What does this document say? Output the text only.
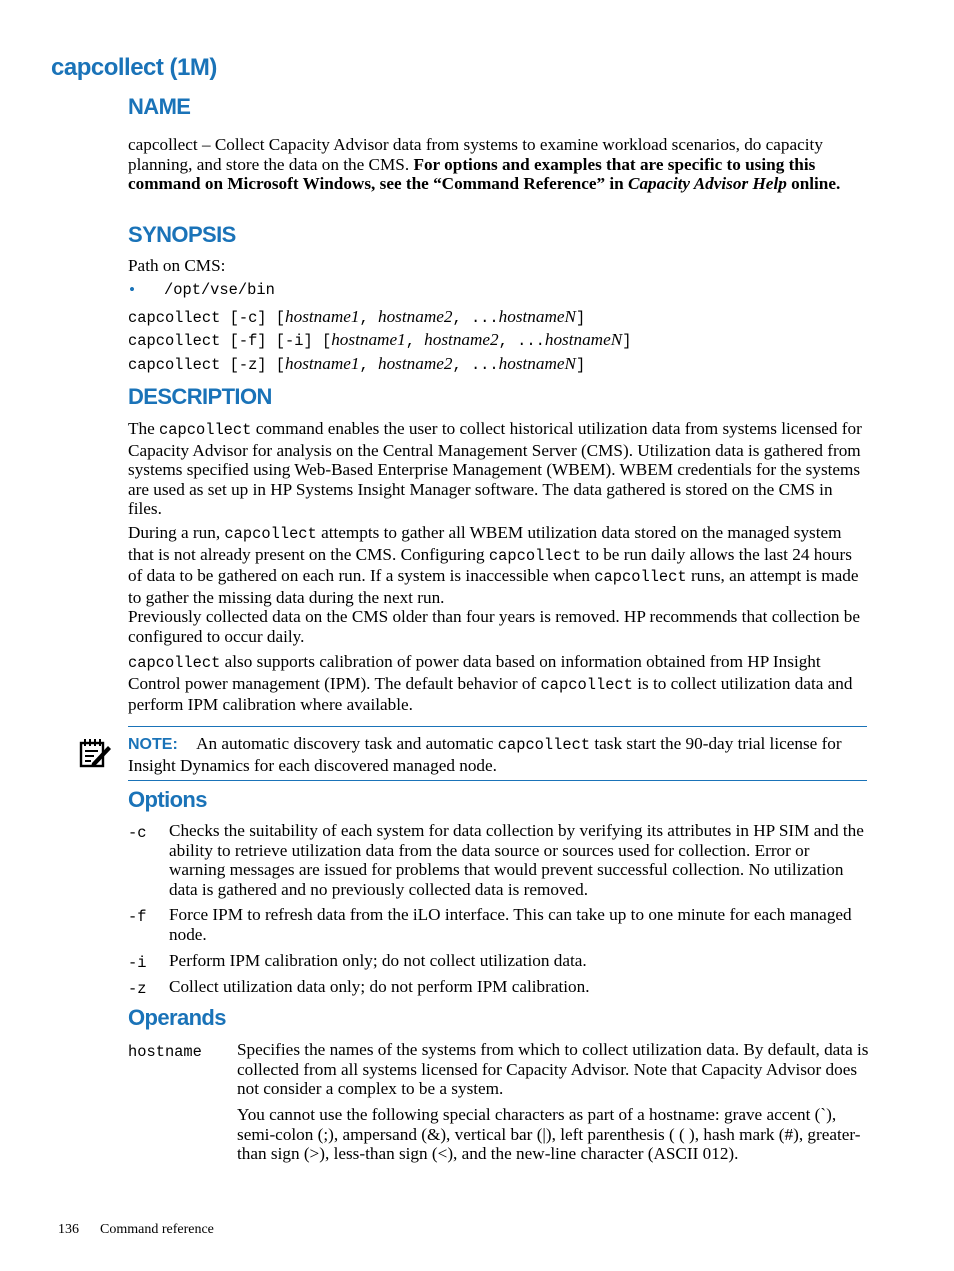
capcollect (1M)
NAME
capcollect – Collect Capacity Advisor data from systems to examine workload scenarios, do capacity planning, and store the data on the CMS. For options and examples that are specific to using this command on Microsoft Windows, see the “Command Reference” in Capacity Advisor Help online.
SYNOPSIS
Path on CMS:
• /opt/vse/bin
capcollect [-c] [hostname1, hostname2, ...hostnameN]
capcollect [-f] [-i] [hostname1, hostname2, ...hostnameN]
capcollect [-z] [hostname1, hostname2, ...hostnameN]
DESCRIPTION
The capcollect command enables the user to collect historical utilization data from systems licensed for Capacity Advisor for analysis on the Central Management Server (CMS). Utilization data is gathered from systems specified using Web-Based Enterprise Management (WBEM). WBEM credentials for the systems are used as set up in HP Systems Insight Manager software. The data gathered is stored on the CMS in files.
During a run, capcollect attempts to gather all WBEM utilization data stored on the managed system that is not already present on the CMS. Configuring capcollect to be run daily allows the last 24 hours of data to be gathered on each run. If a system is inaccessible when capcollect runs, an attempt is made to gather the missing data during the next run.
Previously collected data on the CMS older than four years is removed. HP recommends that collection be configured to occur daily.
capcollect also supports calibration of power data based on information obtained from HP Insight Control power management (IPM). The default behavior of capcollect is to collect utilization data and perform IPM calibration where available.
NOTE: An automatic discovery task and automatic capcollect task start the 90-day trial license for Insight Dynamics for each discovered managed node.
Options
-c Checks the suitability of each system for data collection by verifying its attributes in HP SIM and the ability to retrieve utilization data from the data source or sources used for collection. Error or warning messages are issued for problems that would prevent successful collection. No utilization data is gathered and no previously collected data is removed.
-f Force IPM to refresh data from the iLO interface. This can take up to one minute for each managed node.
-i Perform IPM calibration only; do not collect utilization data.
-z Collect utilization data only; do not perform IPM calibration.
Operands
hostname Specifies the names of the systems from which to collect utilization data. By default, data is collected from all systems licensed for Capacity Advisor. Note that Capacity Advisor does not consider a complex to be a system.
You cannot use the following special characters as part of a hostname: grave accent (`), semi-colon (;), ampersand (&), vertical bar (|), left parenthesis ( ( ), hash mark (#), greater-than sign (>), less-than sign (<), and the new-line character (ASCII 012).
136 Command reference
